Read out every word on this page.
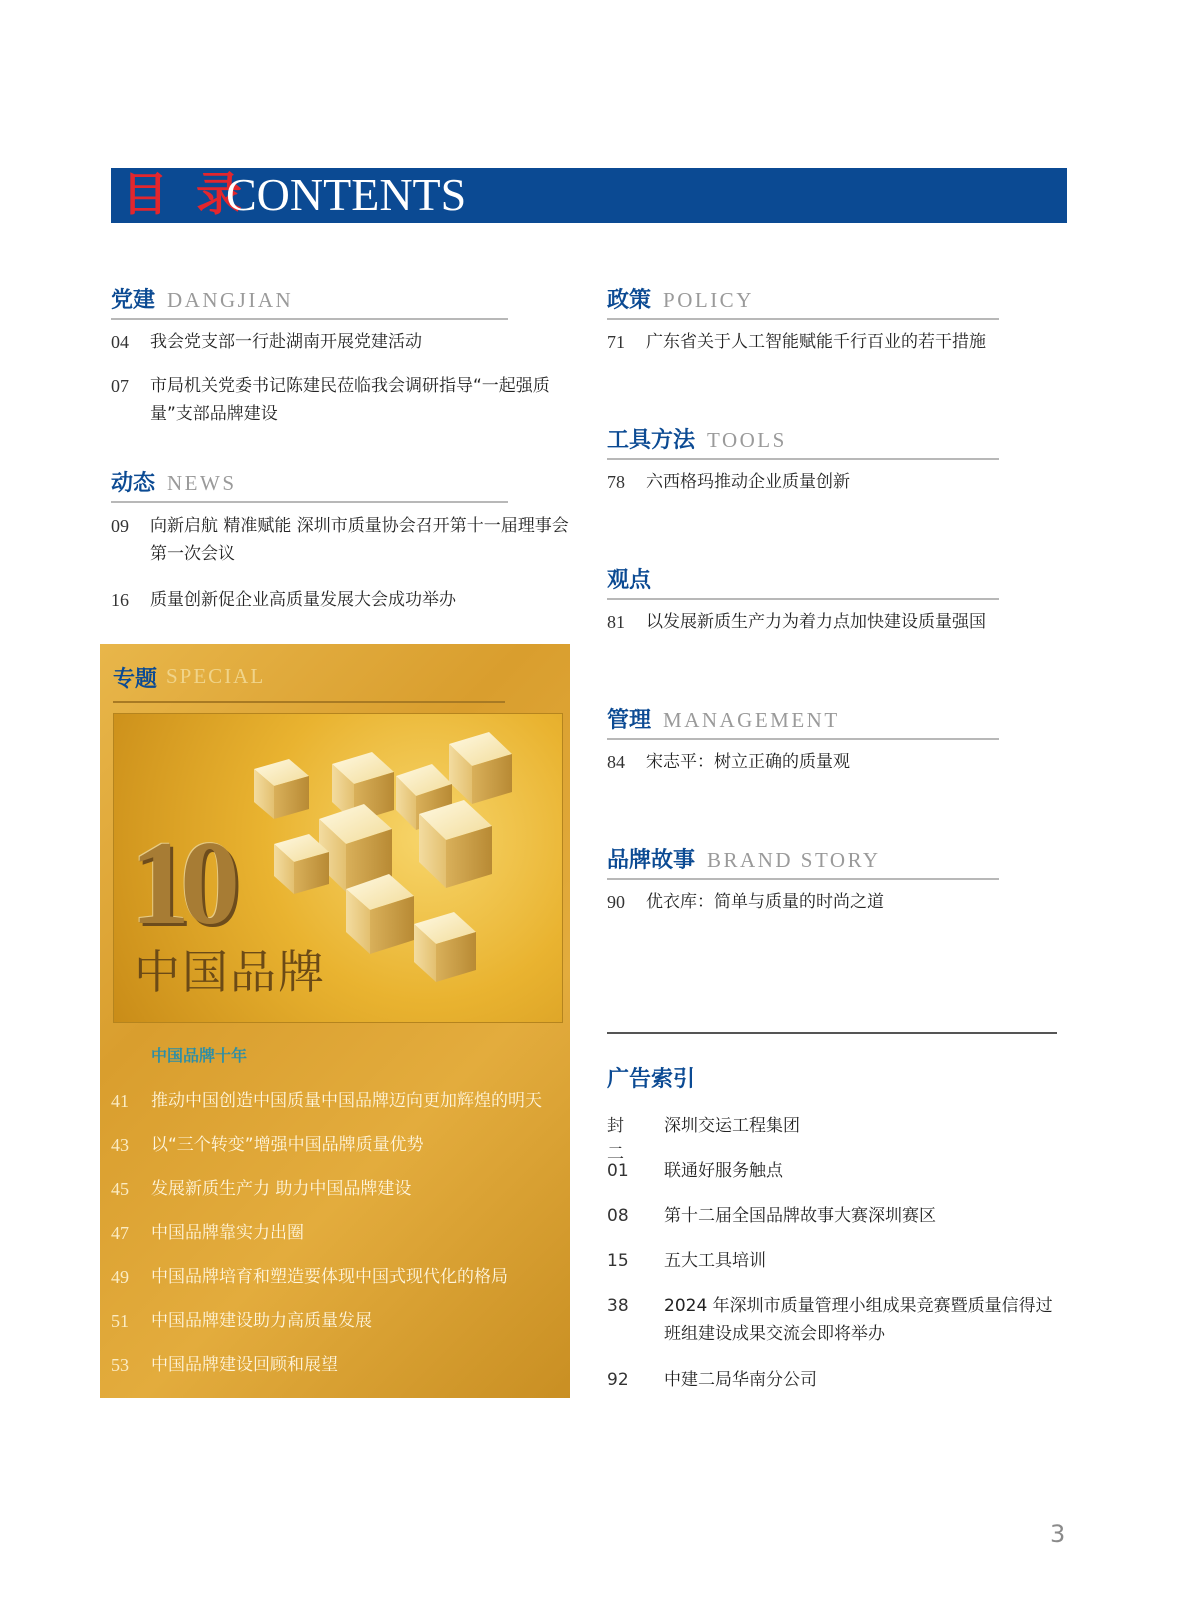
目 录
CONTENTS
党建 DANGJIAN
04 我会党支部一行赴湖南开展党建活动
07 市局机关党委书记陈建民莅临我会调研指导“一起强质量”支部品牌建设
动态 NEWS
09 向新启航 精准赋能 深圳市质量协会召开第十一届理事会第一次会议
16 质量创新促企业高质量发展大会成功举办
专题 SPECIAL
10
中国品牌
中国品牌十年
41 推动中国创造中国质量中国品牌迈向更加辉煌的明天
43 以“三个转变”增强中国品牌质量优势
45 发展新质生产力 助力中国品牌建设
47 中国品牌靠实力出圈
49 中国品牌培育和塑造要体现中国式现代化的格局
51 中国品牌建设助力高质量发展
53 中国品牌建设回顾和展望
政策 POLICY
71 广东省关于人工智能赋能千行百业的若干措施
工具方法 TOOLS
78 六西格玛推动企业质量创新
观点
81 以发展新质生产力为着力点加快建设质量强国
管理 MANAGEMENT
84 宋志平：树立正确的质量观
品牌故事 BRAND STORY
90 优衣库：简单与质量的时尚之道
广告索引
封二
深圳交运工程集团
01 联通好服务触点
08 第十二届全国品牌故事大赛深圳赛区
15 五大工具培训
38 2024 年深圳市质量管理小组成果竞赛暨质量信得过班组建设成果交流会即将举办
92 中建二局华南分公司
3
